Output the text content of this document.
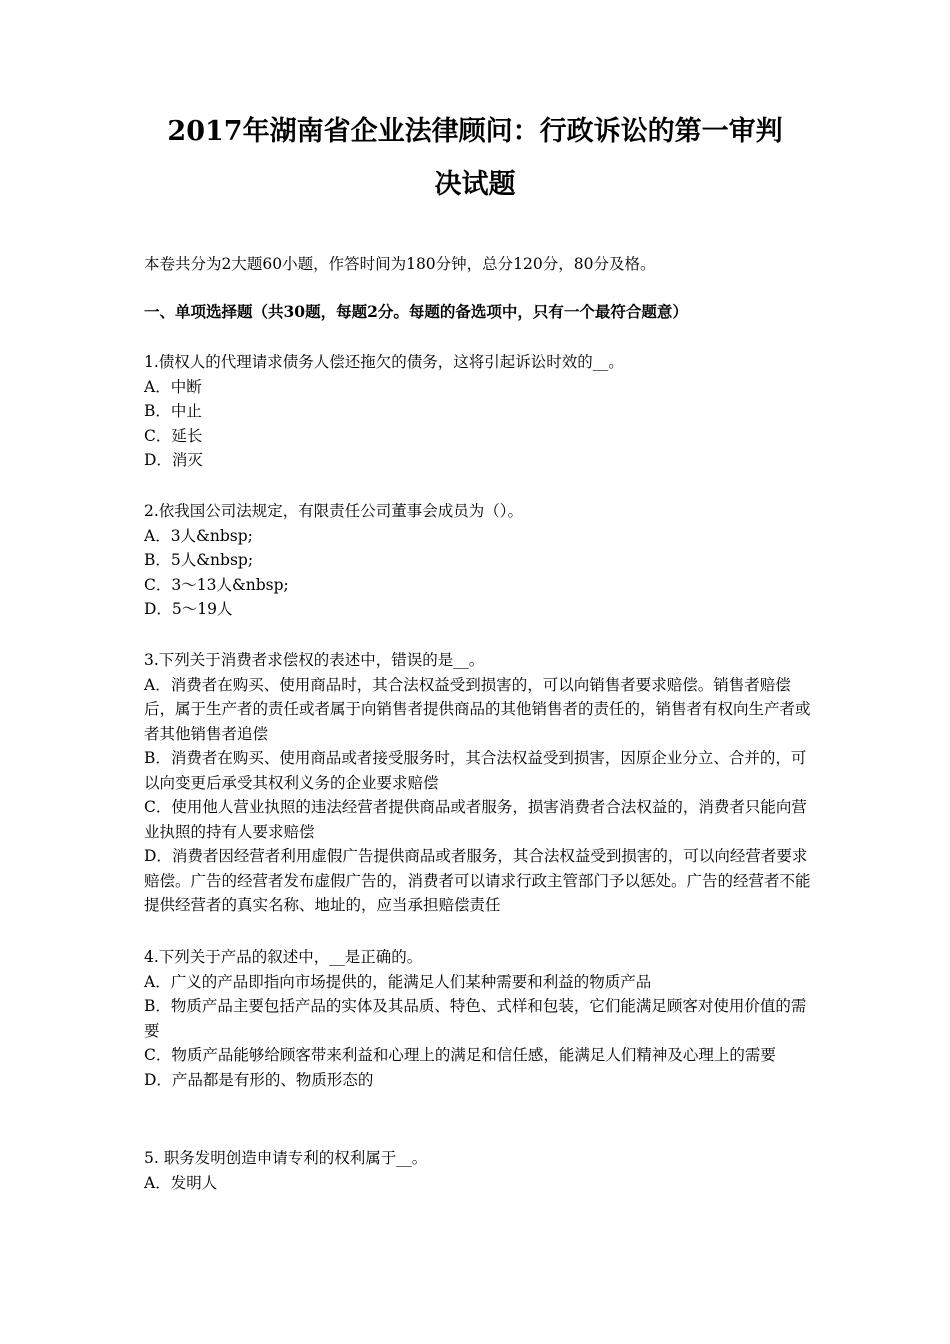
2017年湖南省企业法律顾问：行政诉讼的第一审判
决试题
本卷共分为2大题60小题，作答时间为180分钟，总分120分，80分及格。
一、单项选择题（共30题，每题2分。每题的备选项中，只有一个最符合题意）
1.债权人的代理请求债务人偿还拖欠的债务，这将引起诉讼时效的__。
A．中断
B．中止
C．延长
D．消灭
2.依我国公司法规定，有限责任公司董事会成员为（）。
A．3人&nbsp;
B．5人&nbsp;
C．3～13人&nbsp;
D．5～19人
3.下列关于消费者求偿权的表述中，错误的是__。
A．消费者在购买、使用商品时，其合法权益受到损害的，可以向销售者要求赔偿。销售者赔偿后，属于生产者的责任或者属于向销售者提供商品的其他销售者的责任的，销售者有权向生产者或者其他销售者追偿
B．消费者在购买、使用商品或者接受服务时，其合法权益受到损害，因原企业分立、合并的，可以向变更后承受其权利义务的企业要求赔偿
C．使用他人营业执照的违法经营者提供商品或者服务，损害消费者合法权益的，消费者只能向营业执照的持有人要求赔偿
D．消费者因经营者利用虚假广告提供商品或者服务，其合法权益受到损害的，可以向经营者要求赔偿。广告的经营者发布虚假广告的，消费者可以请求行政主管部门予以惩处。广告的经营者不能提供经营者的真实名称、地址的，应当承担赔偿责任
4.下列关于产品的叙述中，__是正确的。
A．广义的产品即指向市场提供的，能满足人们某种需要和利益的物质产品
B．物质产品主要包括产品的实体及其品质、特色、式样和包装，它们能满足顾客对使用价值的需要
C．物质产品能够给顾客带来利益和心理上的满足和信任感，能满足人们精神及心理上的需要
D．产品都是有形的、物质形态的
5. 职务发明创造申请专利的权利属于__。
A．发明人
